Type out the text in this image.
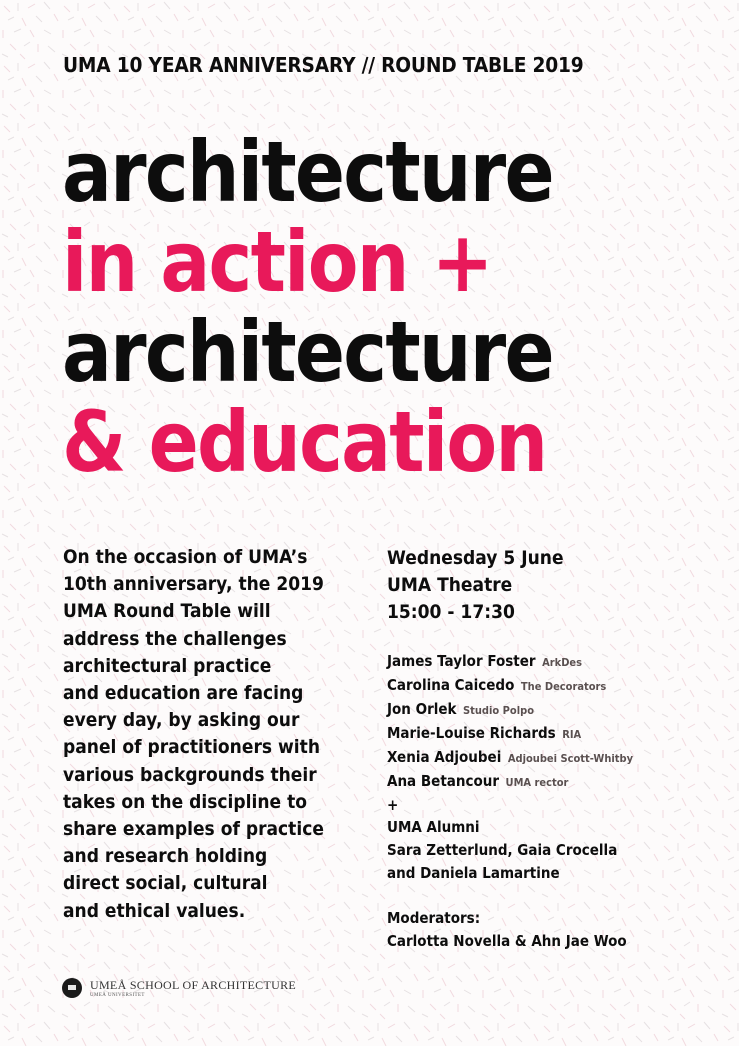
UMA 10 YEAR ANNIVERSARY // ROUND TABLE 2019
architecture
in action +
architecture
& education

On the occasion of UMA’s
10th anniversary, the 2019
UMA Round Table will
address the challenges
architectural practice
and education are facing
every day, by asking our
panel of practitioners with
various backgrounds their
takes on the discipline to
share examples of practice
and research holding
direct social, cultural
and ethical values.

Wednesday 5 June
UMA Theatre
15:00 - 17:30
James Taylor Foster ArkDes
Carolina Caicedo The Decorators
Jon Orlek Studio Polpo
Marie-Louise Richards RIA
Xenia Adjoubei Adjoubei Scott-Whitby
Ana Betancour UMA rector
+
UMA Alumni
Sara Zetterlund, Gaia Crocella
and Daniela Lamartine
Moderators:
Carlotta Novella & Ahn Jae Woo
UMEÅ SCHOOL OF ARCHITECTURE
UMEÅ UNIVERSITET
